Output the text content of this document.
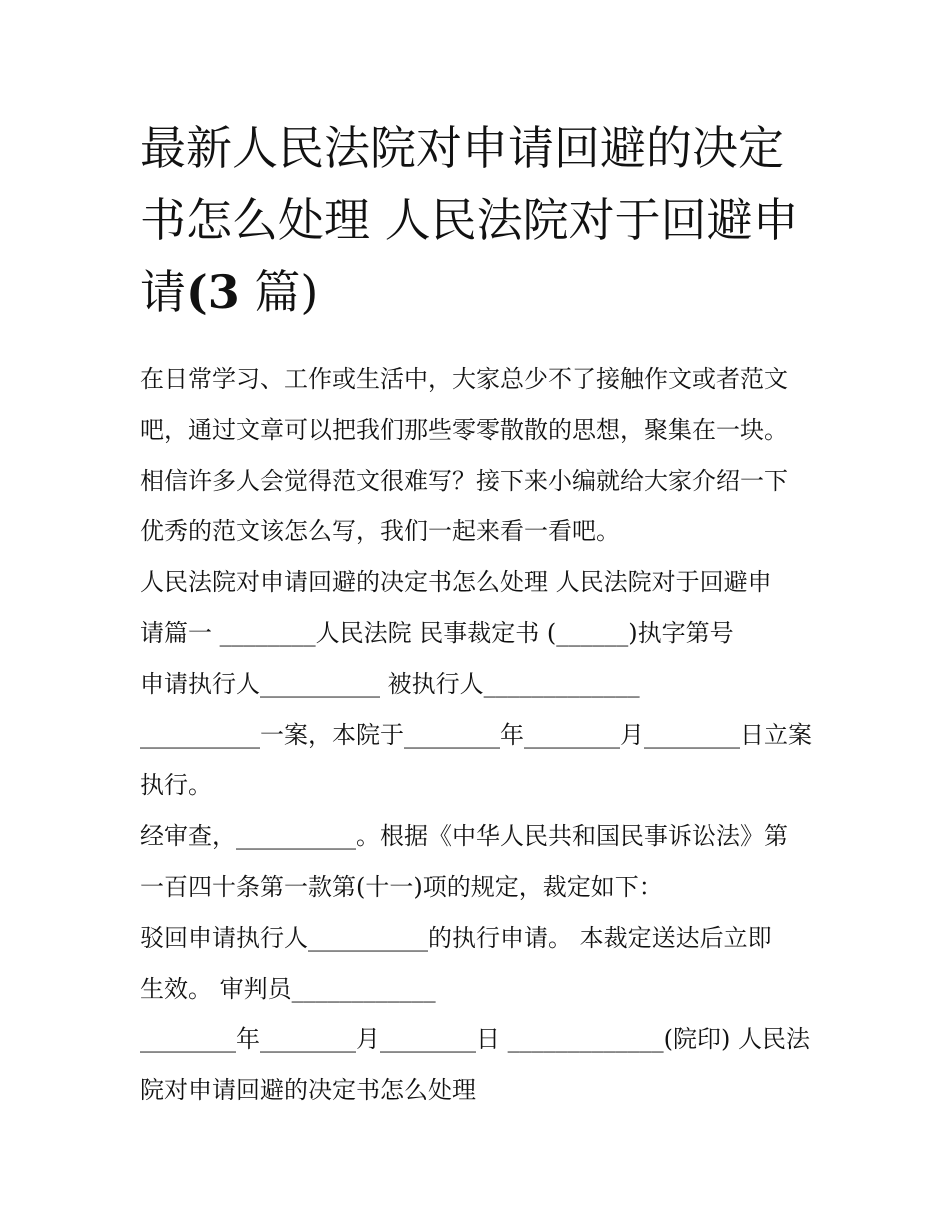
最新人民法院对申请回避的决定书怎么处理 人民法院对于回避申请(3 篇)
在日常学习、工作或生活中，大家总少不了接触作文或者范文
吧，通过文章可以把我们那些零零散散的思想，聚集在一块。
相信许多人会觉得范文很难写？接下来小编就给大家介绍一下
优秀的范文该怎么写，我们一起来看一看吧。
人民法院对申请回避的决定书怎么处理 人民法院对于回避申
请篇一 ________人民法院 民事裁定书 (______)执字第号
申请执行人__________ 被执行人_____________
__________一案，本院于________年________月________日立案
执行。
经审查，__________。根据《中华人民共和国民事诉讼法》第
一百四十条第一款第(十一)项的规定，裁定如下：
驳回申请执行人__________的执行申请。 本裁定送达后立即
生效。 审判员____________
________年________月________日 _____________(院印) 人民法
院对申请回避的决定书怎么处理
